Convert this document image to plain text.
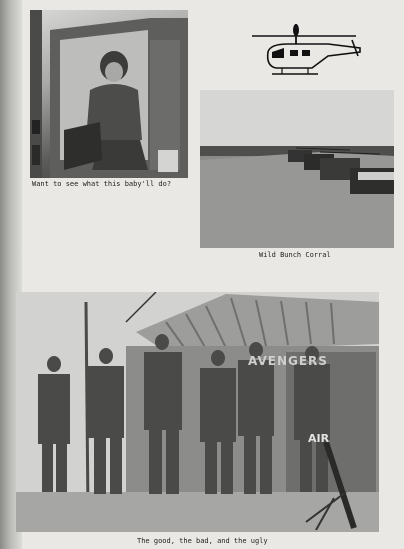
Want to see what this baby'll do?
Wild Bunch Corral
AVENGERS
AIR
The good, the bad, and the ugly
